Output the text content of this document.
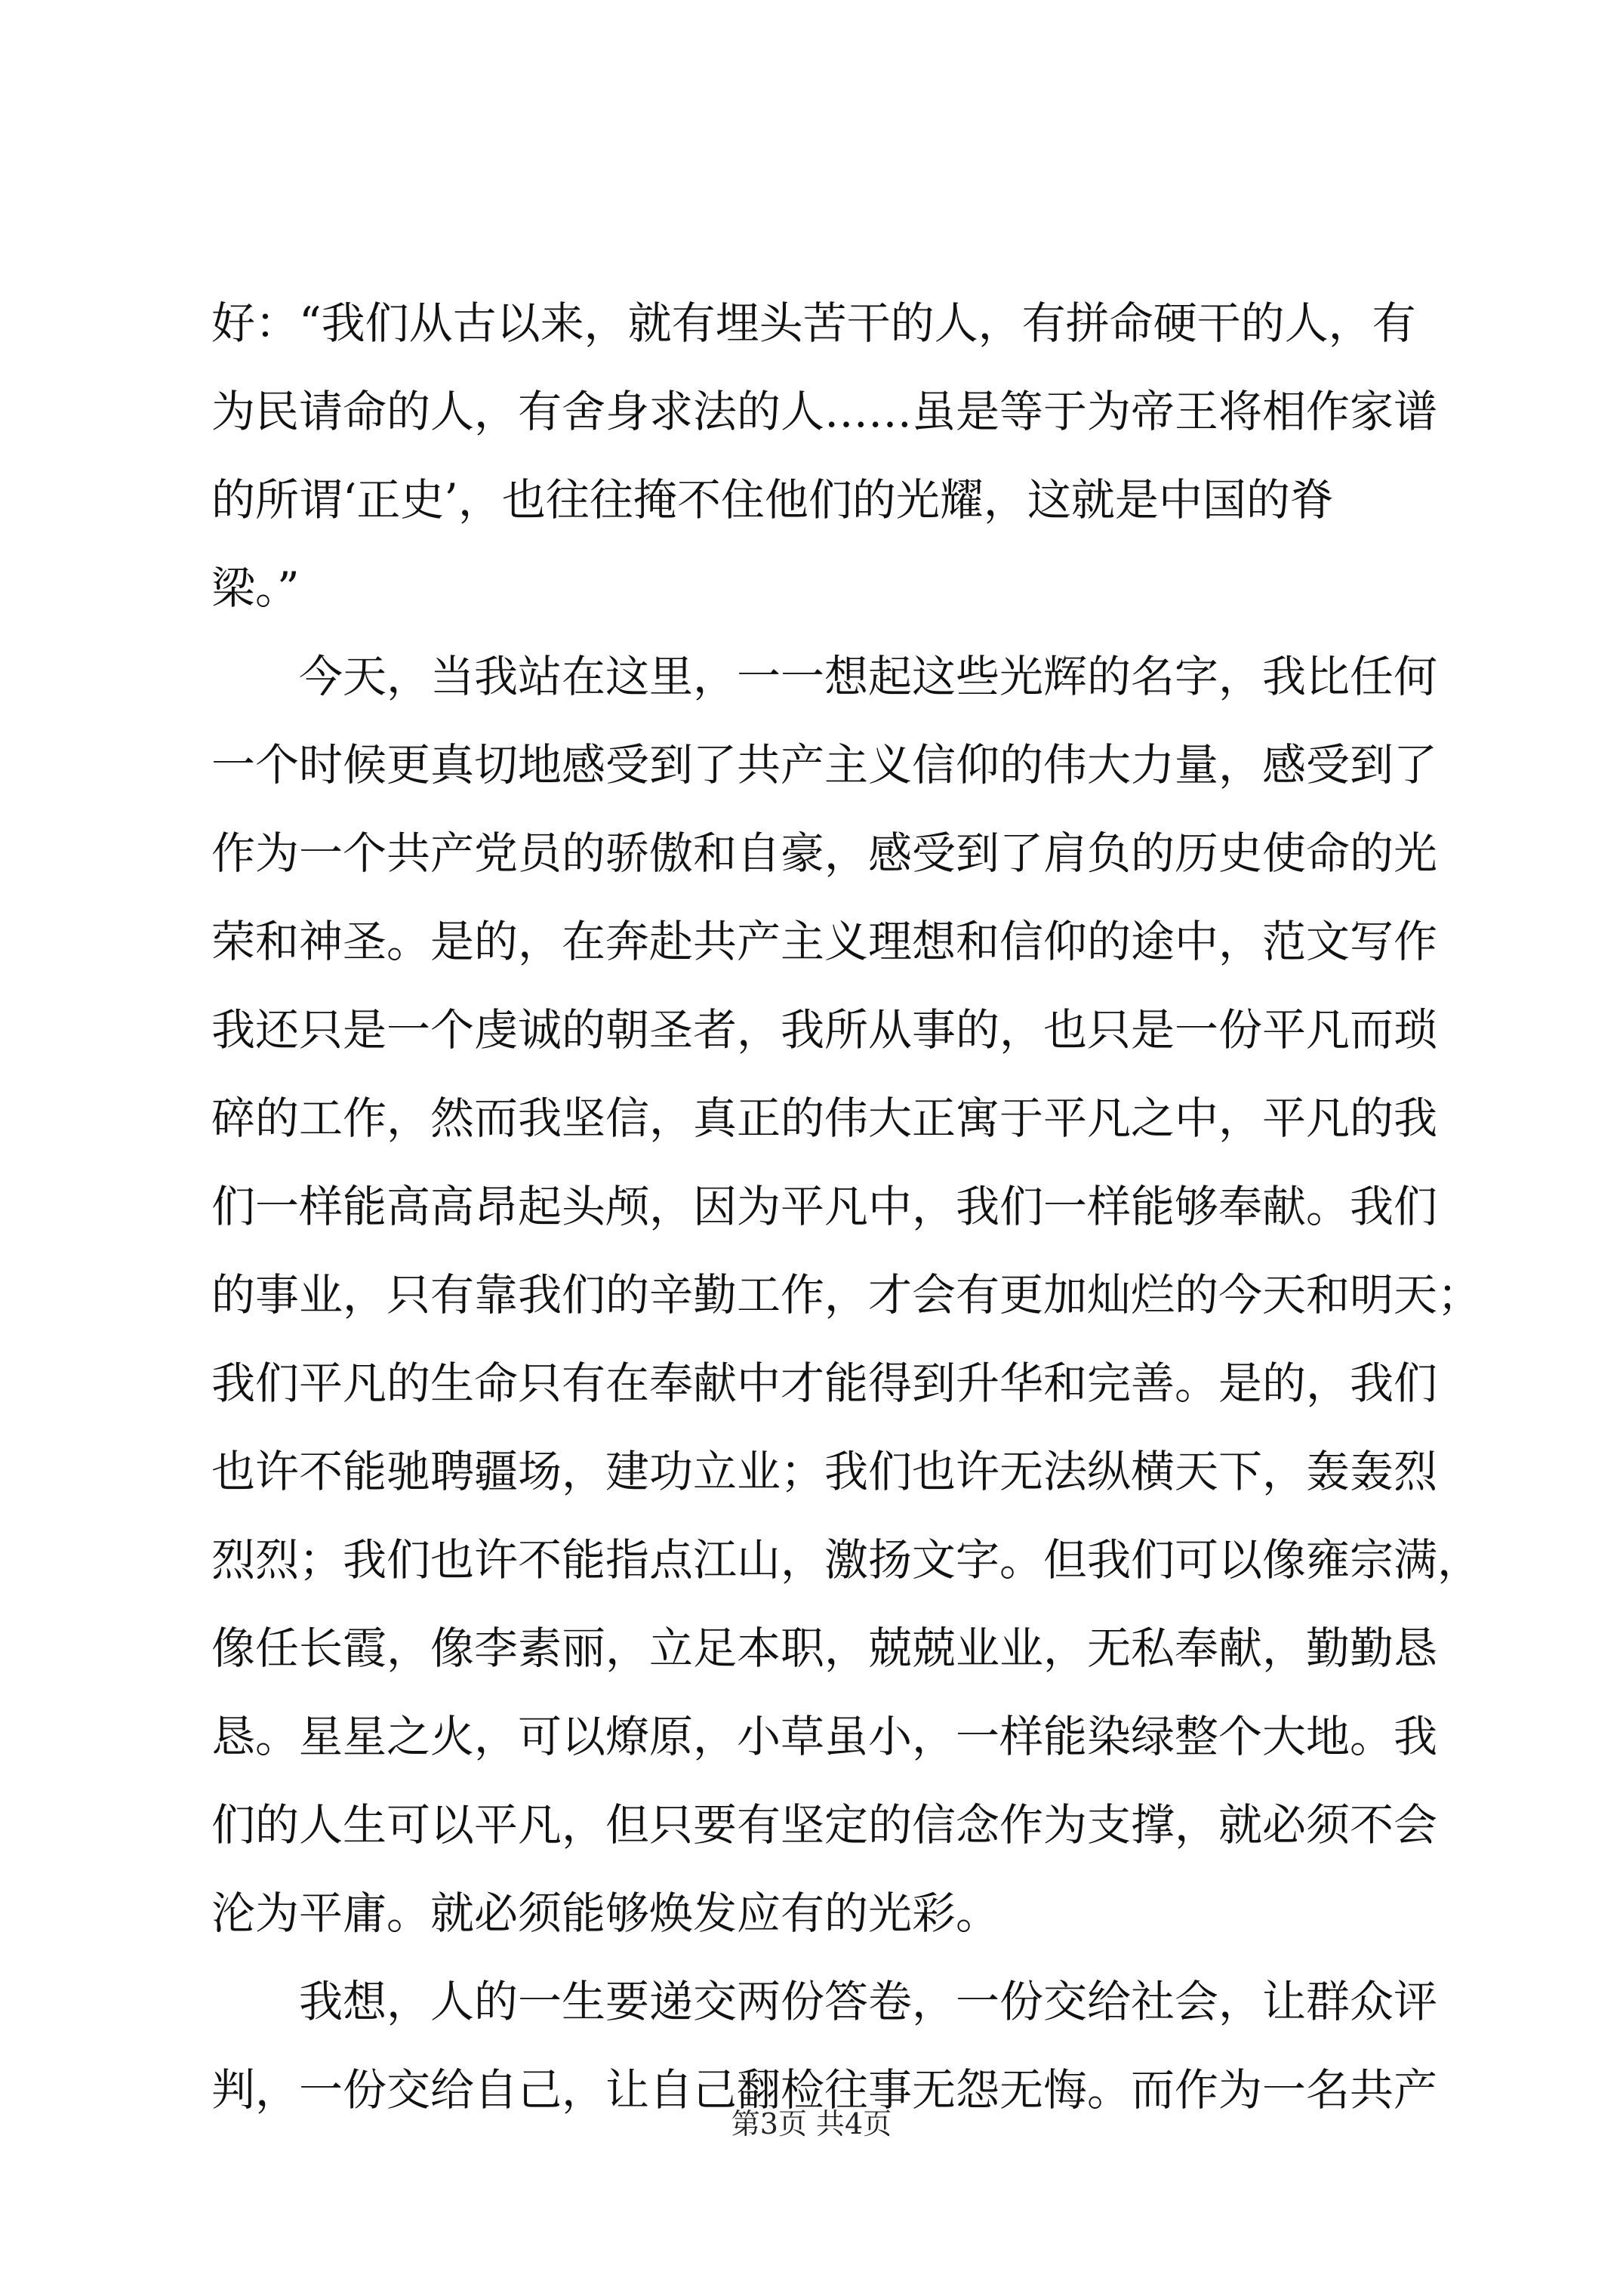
好：“我们从古以来，就有埋头苦干的人，有拼命硬干的人，有
为民请命的人，有舍身求法的人……虽是等于为帝王将相作家谱
的所谓‘正史’，也往往掩不住他们的光耀，这就是中国的脊
梁。”
　　今天，当我站在这里，一一想起这些光辉的名字，我比任何
一个时候更真切地感受到了共产主义信仰的伟大力量，感受到了
作为一个共产党员的骄傲和自豪，感受到了肩负的历史使命的光
荣和神圣。是的，在奔赴共产主义理想和信仰的途中，范文写作
我还只是一个虔诚的朝圣者，我所从事的，也只是一份平凡而琐
碎的工作，然而我坚信，真正的伟大正寓于平凡之中，平凡的我
们一样能高高昂起头颅，因为平凡中，我们一样能够奉献。我们
的事业，只有靠我们的辛勤工作，才会有更加灿烂的今天和明天；
我们平凡的生命只有在奉献中才能得到升华和完善。是的，我们
也许不能驰聘疆场，建功立业；我们也许无法纵横天下，轰轰烈
烈烈；我们也许不能指点江山，激扬文字。但我们可以像雍宗满，
像任长霞，像李素丽，立足本职，兢兢业业，无私奉献，勤勤恳
恳。星星之火，可以燎原，小草虽小，一样能染绿整个大地。我
们的人生可以平凡，但只要有坚定的信念作为支撑，就必须不会
沦为平庸。就必须能够焕发应有的光彩。
　　我想，人的一生要递交两份答卷，一份交给社会，让群众评
判，一份交给自己，让自己翻检往事无怨无悔。而作为一名共产
第3页 共4页
